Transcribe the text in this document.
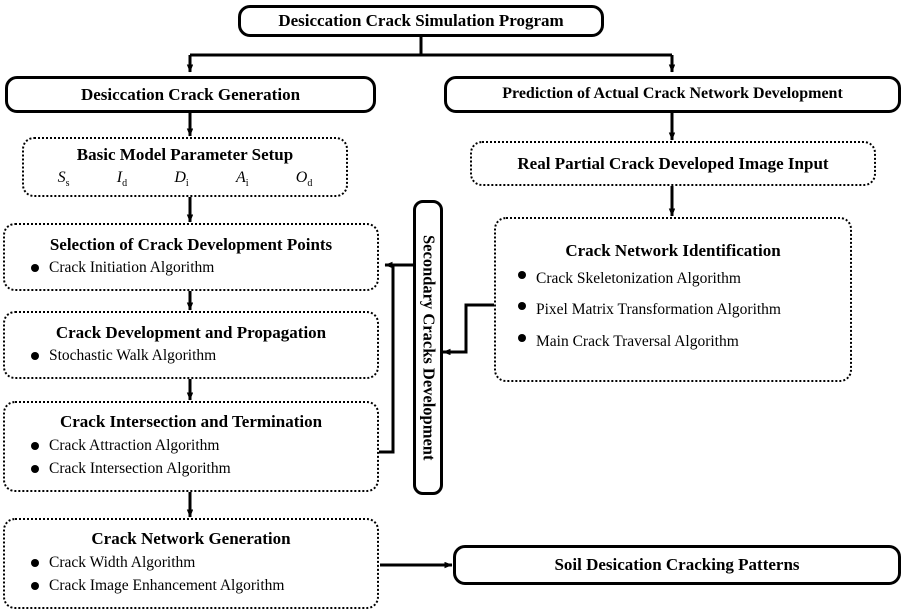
Desiccation Crack Simulation Program
Desiccation Crack Generation	Prediction of Actual Crack Network Development
Basic Model Parameter Setup
$S_s$	$I_d$	$D_i$	$A_i$	$O_d$
Real Partial Crack Developed Image Input
Selection of Crack Development Points
Crack Initiation Algorithm
Crack Development and Propagation
Stochastic Walk Algorithm
Crack Intersection and Termination
Crack Attraction Algorithm
Crack Intersection Algorithm
Crack Network Generation
Crack Width Algorithm
Crack Image Enhancement Algorithm
Crack Network Identification
Crack Skeletonization Algorithm
Pixel Matrix Transformation Algorithm
Main Crack Traversal Algorithm
Secondary Cracks Development
Soil Desication Cracking Patterns
